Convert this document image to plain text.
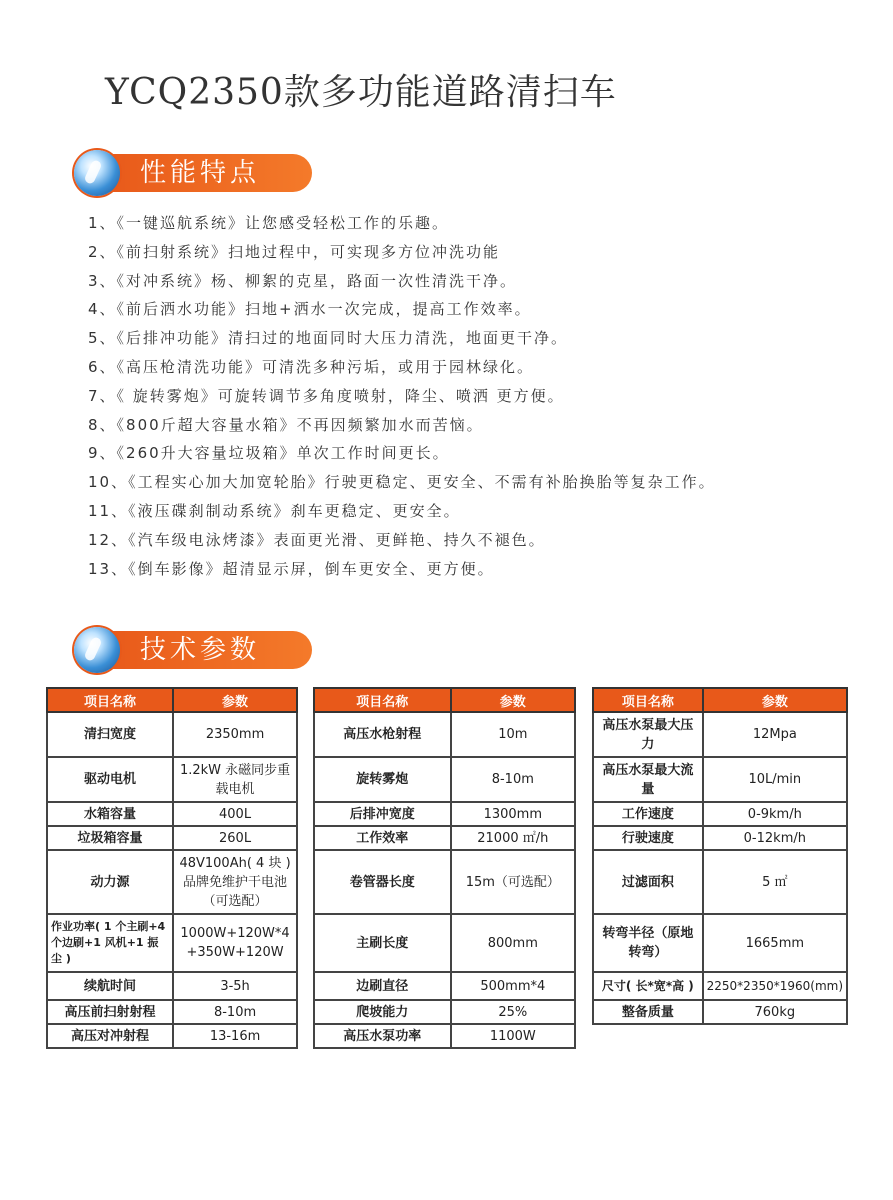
YCQ2350款多功能道路清扫车
性能特点
1、《一键巡航系统》让您感受轻松工作的乐趣。
2、《前扫射系统》扫地过程中，可实现多方位冲洗功能
3、《对冲系统》杨、柳絮的克星，路面一次性清洗干净。
4、《前后洒水功能》扫地+洒水一次完成，提高工作效率。
5、《后排冲功能》清扫过的地面同时大压力清洗，地面更干净。
6、《高压枪清洗功能》可清洗多种污垢，或用于园林绿化。
7、《 旋转雾炮》可旋转调节多角度喷射，降尘、喷洒 更方便。
8、《800斤超大容量水箱》不再因频繁加水而苦恼。
9、《260升大容量垃圾箱》单次工作时间更长。
10、《工程实心加大加宽轮胎》行驶更稳定、更安全、不需有补胎换胎等复杂工作。
11、《液压碟刹制动系统》刹车更稳定、更安全。
12、《汽车级电泳烤漆》表面更光滑、更鲜艳、持久不褪色。
13、《倒车影像》超清显示屏，倒车更安全、更方便。
技术参数
项目名称	参数
清扫宽度	2350mm
驱动电机	1.2kW 永磁同步重载电机
水箱容量	400L
垃圾箱容量	260L
动力源	48V100Ah( 4 块 ) 品牌免维护干电池（可选配）
作业功率( 1 个主刷+4 个边刷+1 风机+1 振尘 )	1000W+120W*4 +350W+120W
续航时间	3-5h
高压前扫射射程	8-10m
高压对冲射程	13-16m
项目名称	参数
高压水枪射程	10m
旋转雾炮	8-10m
后排冲宽度	1300mm
工作效率	21000 ㎡/h
卷管器长度	15m（可选配）
主刷长度	800mm
边刷直径	500mm*4
爬坡能力	25%
高压水泵功率	1100W
项目名称	参数
高压水泵最大压力	12Mpa
高压水泵最大流量	10L/min
工作速度	0-9km/h
行驶速度	0-12km/h
过滤面积	5 ㎡
转弯半径（原地转弯）	1665mm
尺寸( 长*宽*高 )	2250*2350*1960(mm)
整备质量	760kg
